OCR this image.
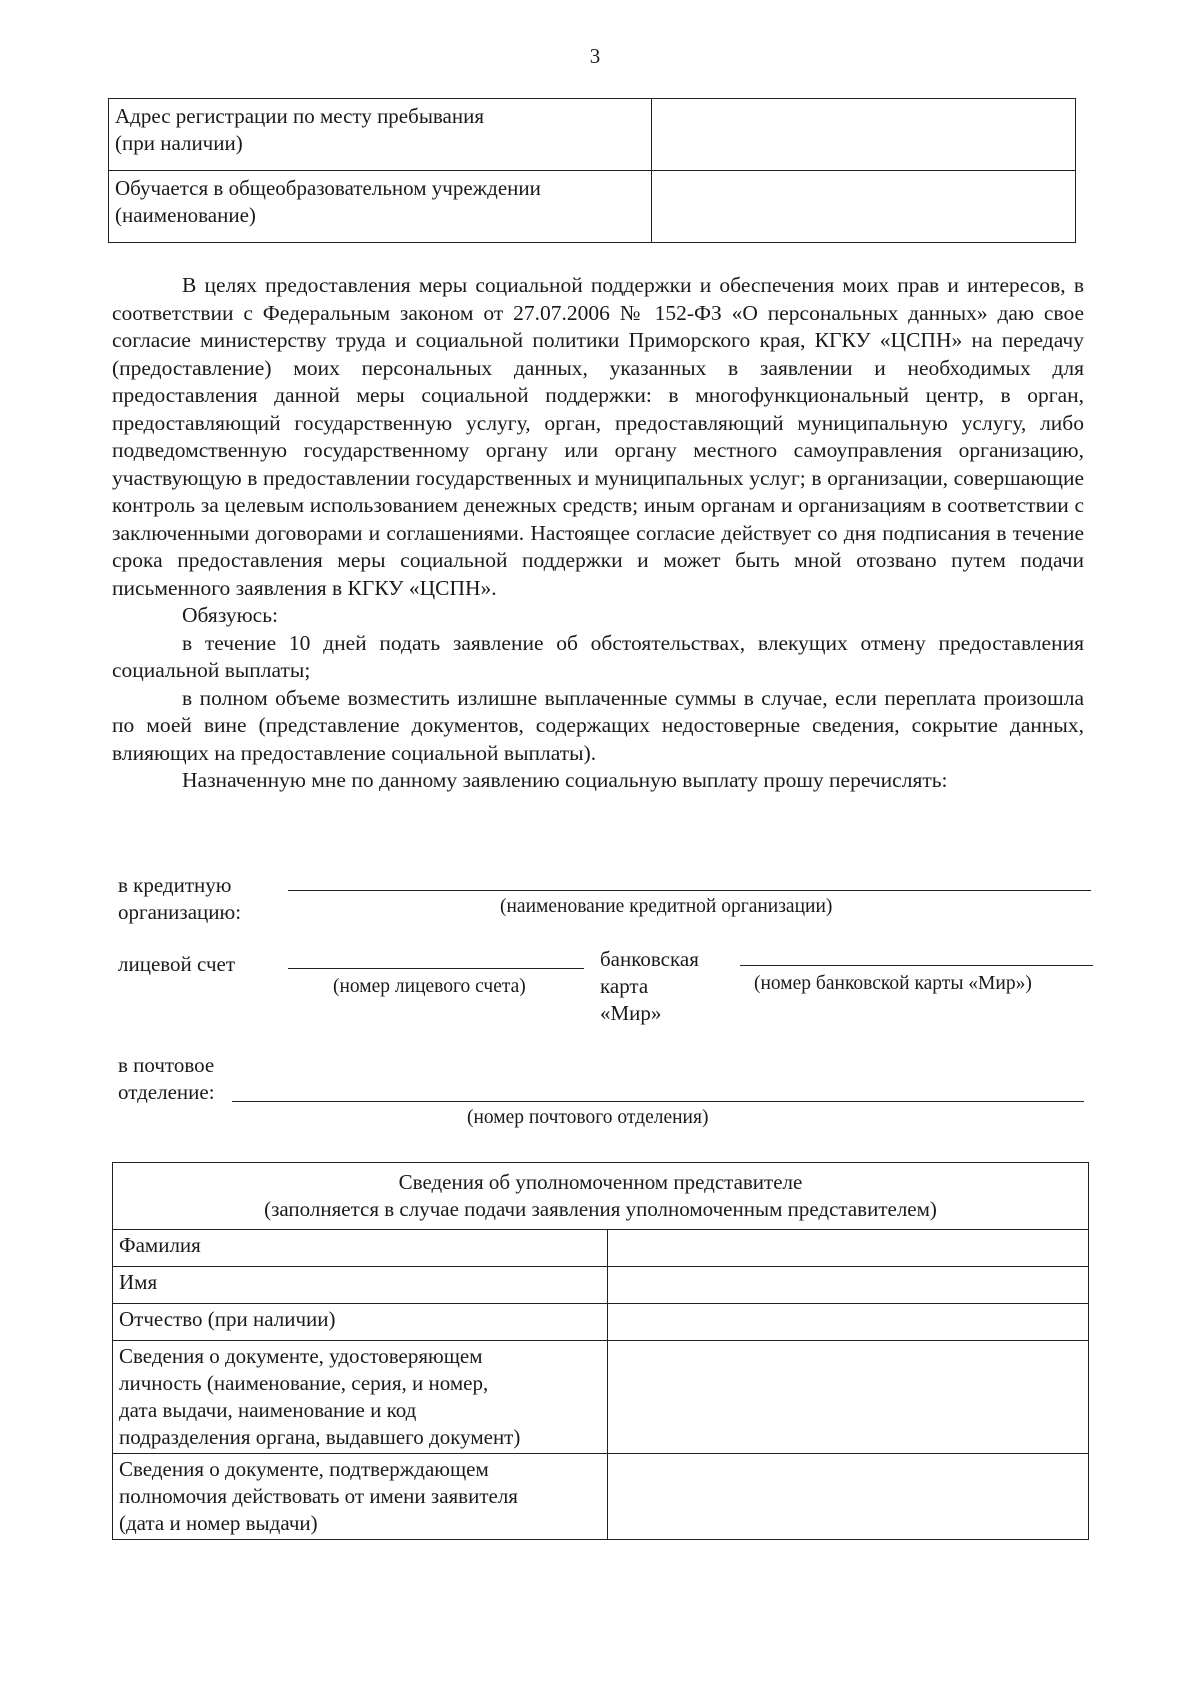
3
Адрес регистрации по месту пребывания
(при наличии)	

Обучается в общеобразовательном учреждении
(наименование)	

В целях предоставления меры социальной поддержки и обеспечения моих прав и интересов, в соответствии с Федеральным законом от 27.07.2006 № 152-ФЗ «О персональных данных» даю свое согласие министерству труда и социальной политики Приморского края, КГКУ «ЦСПН» на передачу (предоставление) моих персональных данных, указанных в заявлении и необходимых для предоставления данной меры социальной поддержки: в многофункциональный центр, в орган, предоставляющий государственную услугу, орган, предоставляющий муниципальную услугу, либо подведомственную государственному органу или органу местного самоуправления организацию, участвующую в предоставлении государственных и муниципальных услуг; в организации, совершающие контроль за целевым использованием денежных средств; иным органам и организациям в соответствии с заключенными договорами и соглашениями. Настоящее согласие действует со дня подписания в течение срока предоставления меры социальной поддержки и может быть мной отозвано путем подачи письменного заявления в КГКУ «ЦСПН».

Обязуюсь:

в течение 10 дней подать заявление об обстоятельствах, влекущих отмену предоставления социальной выплаты;

в полном объеме возместить излишне выплаченные суммы в случае, если переплата произошла по моей вине (представление документов, содержащих недостоверные сведения, сокрытие данных, влияющих на предоставление социальной выплаты).

Назначенную мне по данному заявлению социальную выплату прошу перечислять:

в кредитную
организацию:	(наименование кредитной организации)
лицевой счет
(номер лицевого счета)
банковская
карта
«Мир»
(номер банковской карты «Мир»)
в почтовое
отделение:
(номер почтового отделения)
Сведения об уполномоченном представителе
(заполняется в случае подачи заявления уполномоченным представителем)	

Фамилия	
Имя	
Отчество (при наличии)	

Сведения о документе, удостоверяющем
личность (наименование, серия, и номер,
дата выдачи, наименование и код
подразделения органа, выдавшего документ)	

Сведения о документе, подтверждающем
полномочия действовать от имени заявителя
(дата и номер выдачи)	
